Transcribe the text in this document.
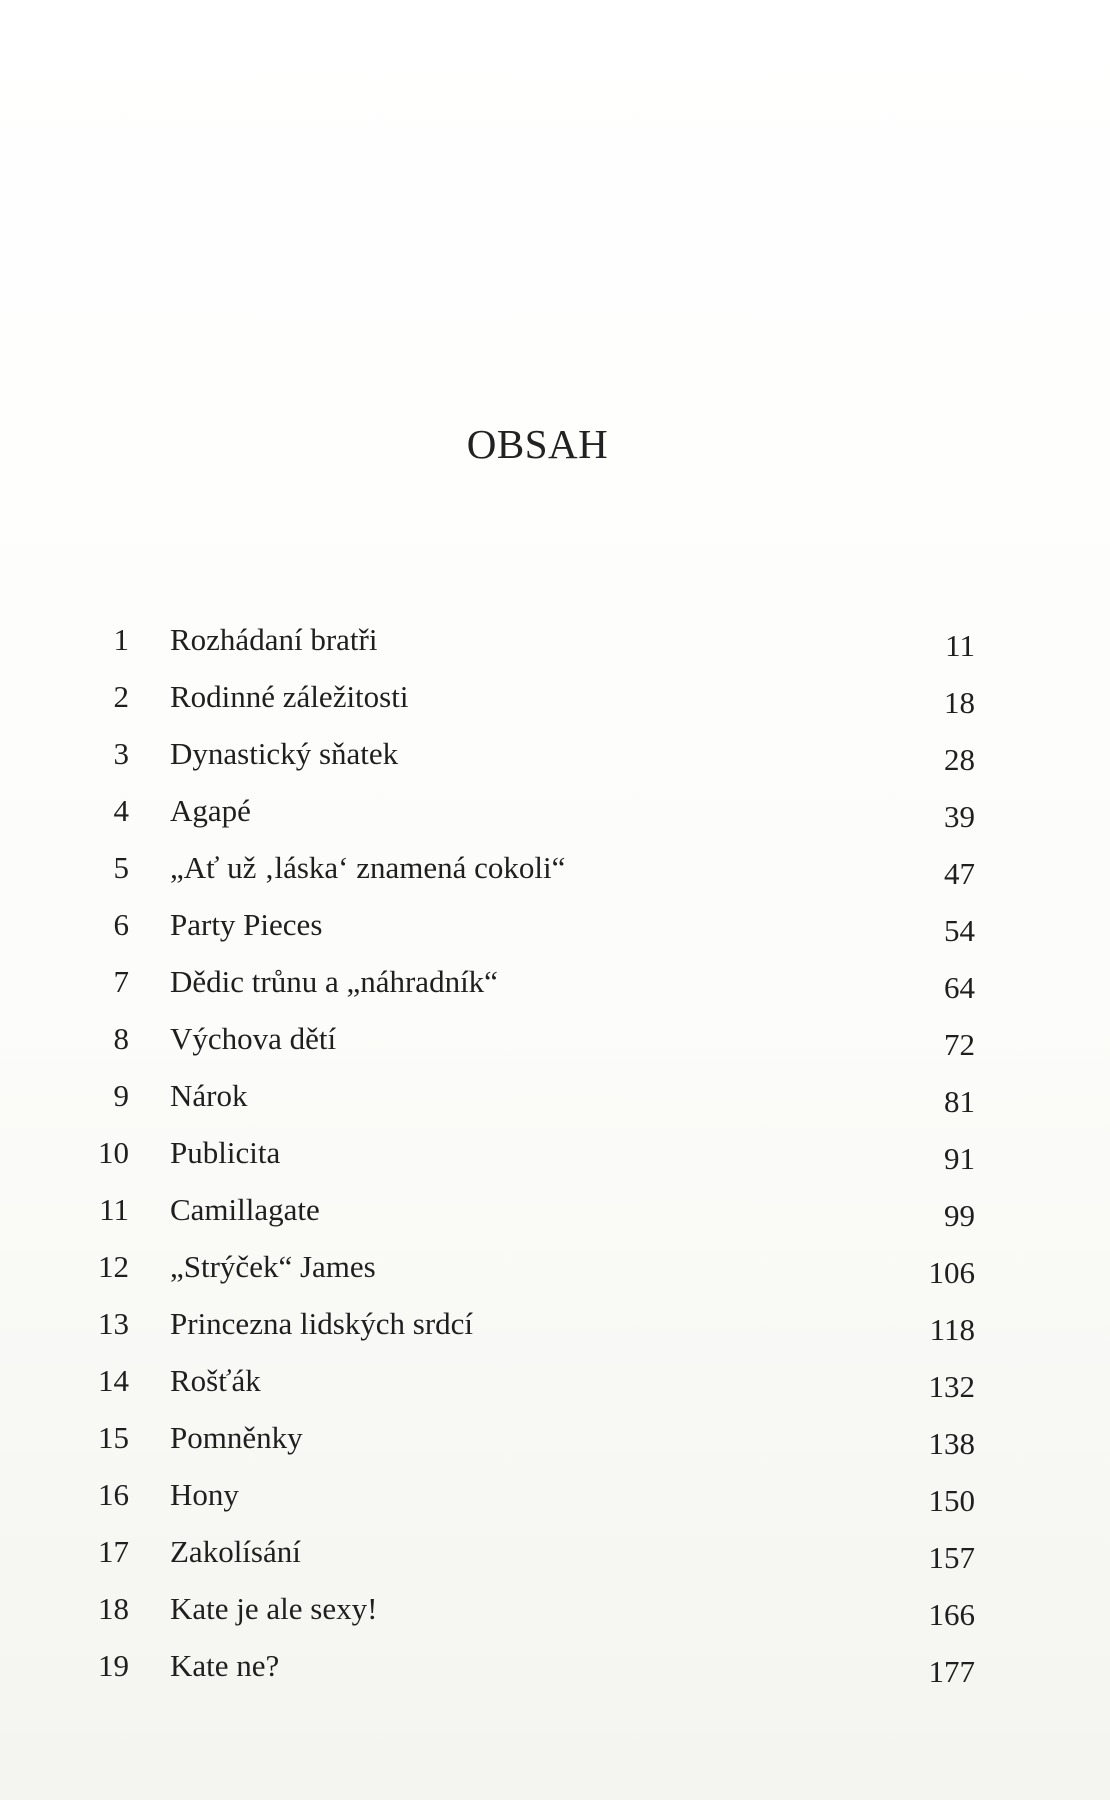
OBSAH
1 Rozhádaní bratři	11
2 Rodinné záležitosti	18
3 Dynastický sňatek	28
4 Agapé	39
5 „Ať už ‚láska‘ znamená cokoli“	47
6 Party Pieces	54
7 Dědic trůnu a „náhradník“	64
8 Výchova dětí	72
9 Nárok	81
10 Publicita	91
11 Camillagate	99
12 „Strýček“ James	106
13 Princezna lidských srdcí	118
14 Rošťák	132
15 Pomněnky	138
16 Hony	150
17 Zakolísání	157
18 Kate je ale sexy!	166
19 Kate ne?	177
